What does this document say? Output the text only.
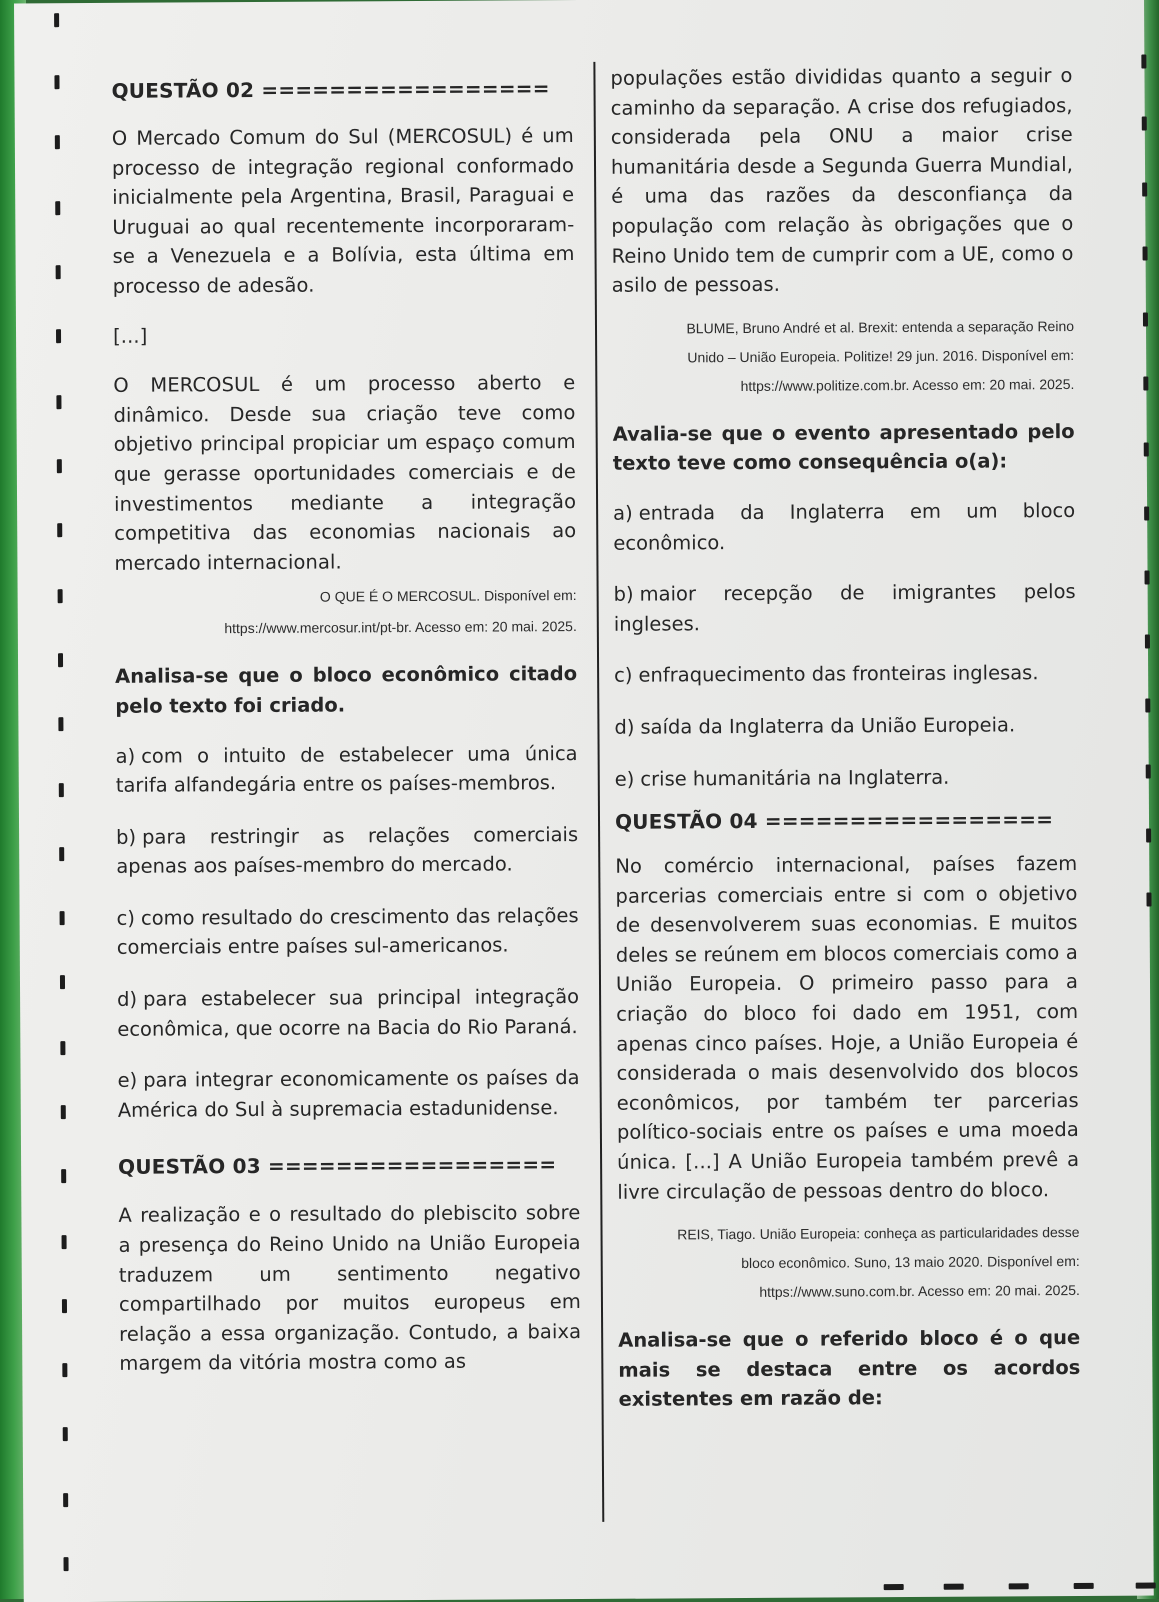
QUESTÃO 02 =================

O Mercado Comum do Sul (MERCOSUL) é um processo de integração regional conformado inicialmente pela Argentina, Brasil, Paraguai e Uruguai ao qual recentemente incorporaram-se a Venezuela e a Bolívia, esta última em processo de adesão.

[...]

O MERCOSUL é um processo aberto e dinâmico. Desde sua criação teve como objetivo principal propiciar um espaço comum que gerasse oportunidades comerciais e de investimentos mediante a integração competitiva das economias nacionais ao mercado internacional.

O QUE É O MERCOSUL. Disponível em:

https://www.mercosur.int/pt-br. Acesso em: 20 mai. 2025.

Analisa-se que o bloco econômico citado pelo texto foi criado.

a) com o intuito de estabelecer uma única tarifa alfandegária entre os países-membros.

b) para restringir as relações comerciais apenas aos países-membro do mercado.

c) como resultado do crescimento das relações comerciais entre países sul-americanos.

d) para estabelecer sua principal integração econômica, que ocorre na Bacia do Rio Paraná.

e) para integrar economicamente os países da América do Sul à supremacia estadunidense.

QUESTÃO 03 =================

A realização e o resultado do plebiscito sobre a presença do Reino Unido na União Europeia traduzem um sentimento negativo compartilhado por muitos europeus em relação a essa organização. Contudo, a baixa margem da vitória mostra como as

populações estão divididas quanto a seguir o caminho da separação. A crise dos refugiados, considerada pela ONU a maior crise humanitária desde a Segunda Guerra Mundial, é uma das razões da desconfiança da população com relação às obrigações que o Reino Unido tem de cumprir com a UE, como o asilo de pessoas.

BLUME, Bruno André et al. Brexit: entenda a separação Reino

Unido – União Europeia. Politize! 29 jun. 2016. Disponível em:

https://www.politize.com.br. Acesso em: 20 mai. 2025.

Avalia-se que o evento apresentado pelo texto teve como consequência o(a):

a) entrada da Inglaterra em um bloco econômico.

b) maior recepção de imigrantes pelos ingleses.

c) enfraquecimento das fronteiras inglesas.

d) saída da Inglaterra da União Europeia.

e) crise humanitária na Inglaterra.

QUESTÃO 04 =================

No comércio internacional, países fazem parcerias comerciais entre si com o objetivo de desenvolverem suas economias. E muitos deles se reúnem em blocos comerciais como a União Europeia. O primeiro passo para a criação do bloco foi dado em 1951, com apenas cinco países. Hoje, a União Europeia é considerada o mais desenvolvido dos blocos econômicos, por também ter parcerias político-sociais entre os países e uma moeda única. [...] A União Europeia também prevê a livre circulação de pessoas dentro do bloco.

REIS, Tiago. União Europeia: conheça as particularidades desse

bloco econômico. Suno, 13 maio 2020. Disponível em:

https://www.suno.com.br. Acesso em: 20 mai. 2025.

Analisa-se que o referido bloco é o que mais se destaca entre os acordos existentes em razão de:
